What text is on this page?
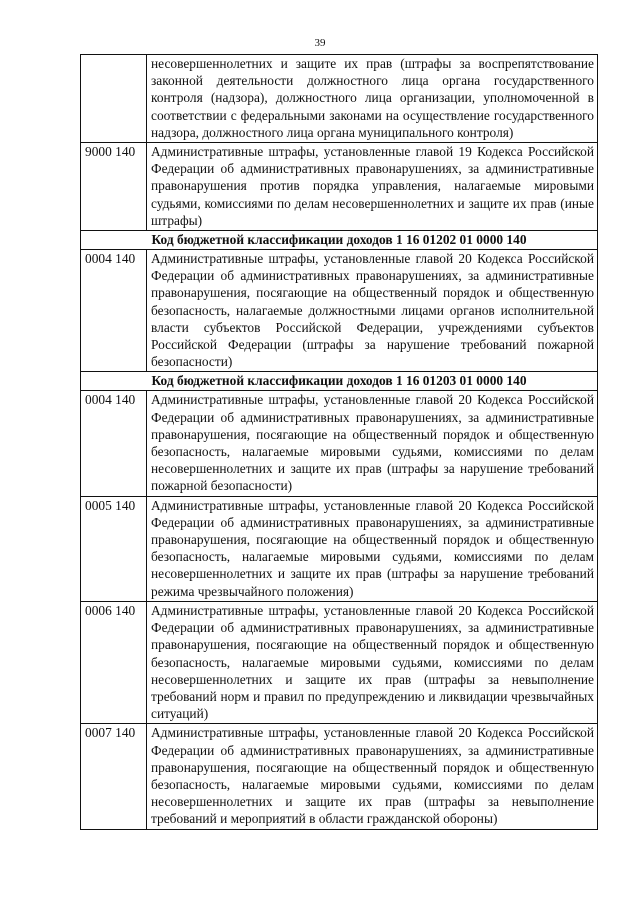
39
	несовершеннолетних и защите их прав (штрафы за воспрепятствование законной деятельности должностного лица органа государственного контроля (надзора), должностного лица организации, уполномоченной в соответствии с федеральными законами на осуществление государственного надзора, должностного лица органа муниципального контроля)
9000 140	Административные штрафы, установленные главой 19 Кодекса Российской Федерации об административных правонарушениях, за административные правонарушения против порядка управления, налагаемые мировыми судьями, комиссиями по делам несовершеннолетних и защите их прав (иные штрафы)
Код бюджетной классификации доходов 1 16 01202 01 0000 140	
0004 140	Административные штрафы, установленные главой 20 Кодекса Российской Федерации об административных правонарушениях, за административные правонарушения, посягающие на общественный порядок и общественную безопасность, налагаемые должностными лицами органов исполнительной власти субъектов Российской Федерации, учреждениями субъектов Российской Федерации (штрафы за нарушение требований пожарной безопасности)
Код бюджетной классификации доходов 1 16 01203 01 0000 140	
0004 140	Административные штрафы, установленные главой 20 Кодекса Российской Федерации об административных правонарушениях, за административные правонарушения, посягающие на общественный порядок и общественную безопасность, налагаемые мировыми судьями, комиссиями по делам несовершеннолетних и защите их прав (штрафы за нарушение требований пожарной безопасности)
0005 140	Административные штрафы, установленные главой 20 Кодекса Российской Федерации об административных правонарушениях, за административные правонарушения, посягающие на общественный порядок и общественную безопасность, налагаемые мировыми судьями, комиссиями по делам несовершеннолетних и защите их прав (штрафы за нарушение требований режима чрезвычайного положения)
0006 140	Административные штрафы, установленные главой 20 Кодекса Российской Федерации об административных правонарушениях, за административные правонарушения, посягающие на общественный порядок и общественную безопасность, налагаемые мировыми судьями, комиссиями по делам несовершеннолетних и защите их прав (штрафы за невыполнение требований норм и правил по предупреждению и ликвидации чрезвычайных ситуаций)
0007 140	Административные штрафы, установленные главой 20 Кодекса Российской Федерации об административных правонарушениях, за административные правонарушения, посягающие на общественный порядок и общественную безопасность, налагаемые мировыми судьями, комиссиями по делам несовершеннолетних и защите их прав (штрафы за невыполнение требований и мероприятий в области гражданской обороны)
